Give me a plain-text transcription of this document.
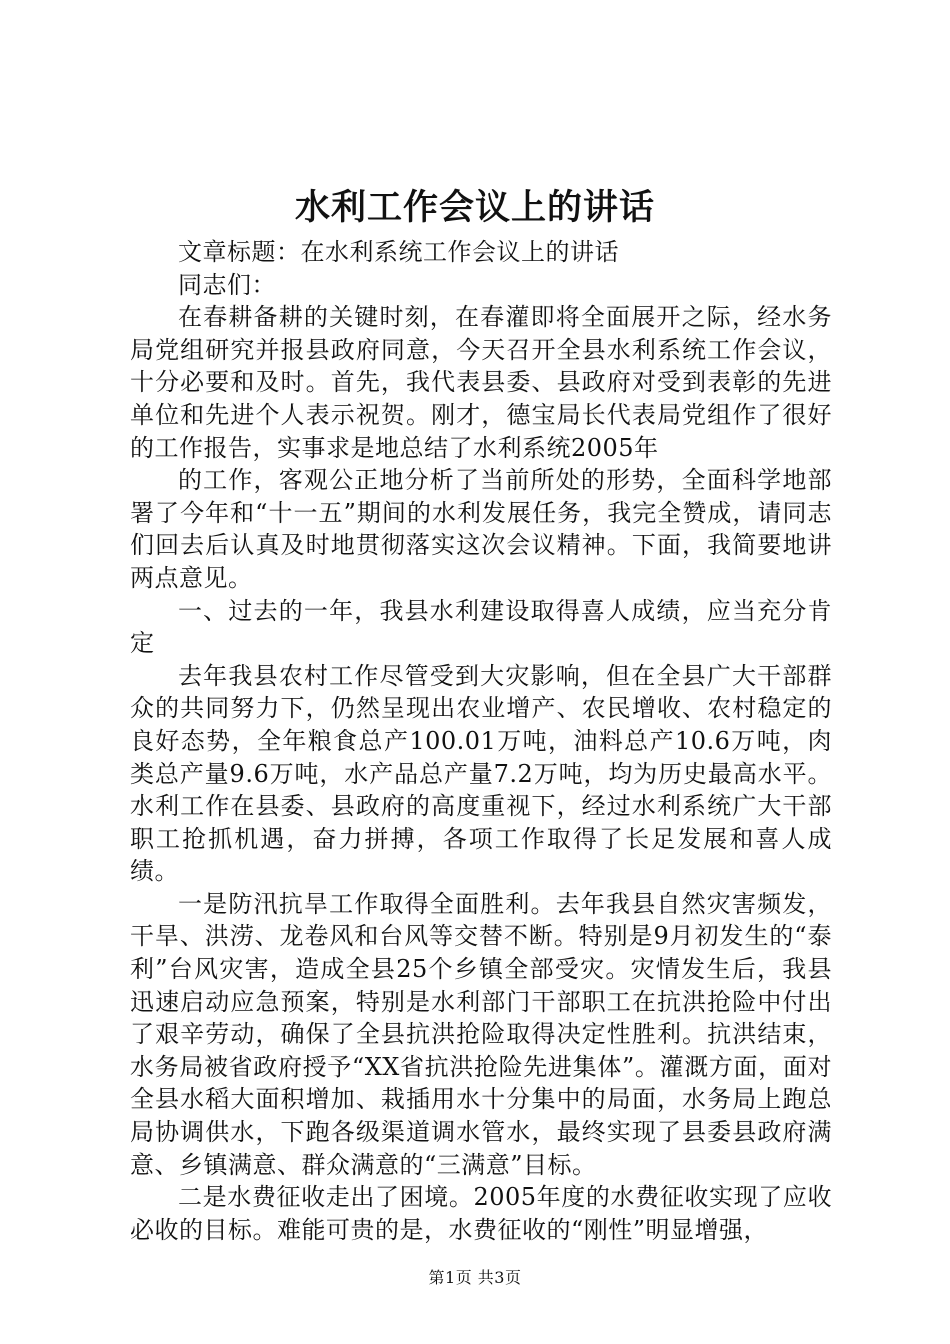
水利工作会议上的讲话

文章标题：在水利系统工作会议上的讲话

同志们：

在春耕备耕的关键时刻，在春灌即将全面展开之际，经水务局党组研究并报县政府同意，今天召开全县水利系统工作会议，十分必要和及时。首先，我代表县委、县政府对受到表彰的先进单位和先进个人表示祝贺。刚才，德宝局长代表局党组作了很好的工作报告，实事求是地总结了水利系统2005年

的工作，客观公正地分析了当前所处的形势，全面科学地部署了今年和“十一五”期间的水利发展任务，我完全赞成，请同志们回去后认真及时地贯彻落实这次会议精神。下面，我简要地讲两点意见。

一、过去的一年，我县水利建设取得喜人成绩，应当充分肯定

去年我县农村工作尽管受到大灾影响，但在全县广大干部群众的共同努力下，仍然呈现出农业增产、农民增收、农村稳定的良好态势，全年粮食总产100.01万吨，油料总产10.6万吨，肉类总产量9.6万吨，水产品总产量7.2万吨，均为历史最高水平。水利工作在县委、县政府的高度重视下，经过水利系统广大干部职工抢抓机遇，奋力拼搏，各项工作取得了长足发展和喜人成绩。

一是防汛抗旱工作取得全面胜利。去年我县自然灾害频发，干旱、洪涝、龙卷风和台风等交替不断。特别是9月初发生的“泰利”台风灾害，造成全县25个乡镇全部受灾。灾情发生后，我县迅速启动应急预案，特别是水利部门干部职工在抗洪抢险中付出了艰辛劳动，确保了全县抗洪抢险取得决定性胜利。抗洪结束，水务局被省政府授予“XX省抗洪抢险先进集体”。灌溉方面，面对全县水稻大面积增加、栽插用水十分集中的局面，水务局上跑总局协调供水，下跑各级渠道调水管水，最终实现了县委县政府满意、乡镇满意、群众满意的“三满意”目标。

二是水费征收走出了困境。2005年度的水费征收实现了应收必收的目标。难能可贵的是，水费征收的“刚性”明显增强，

第1页 共3页
